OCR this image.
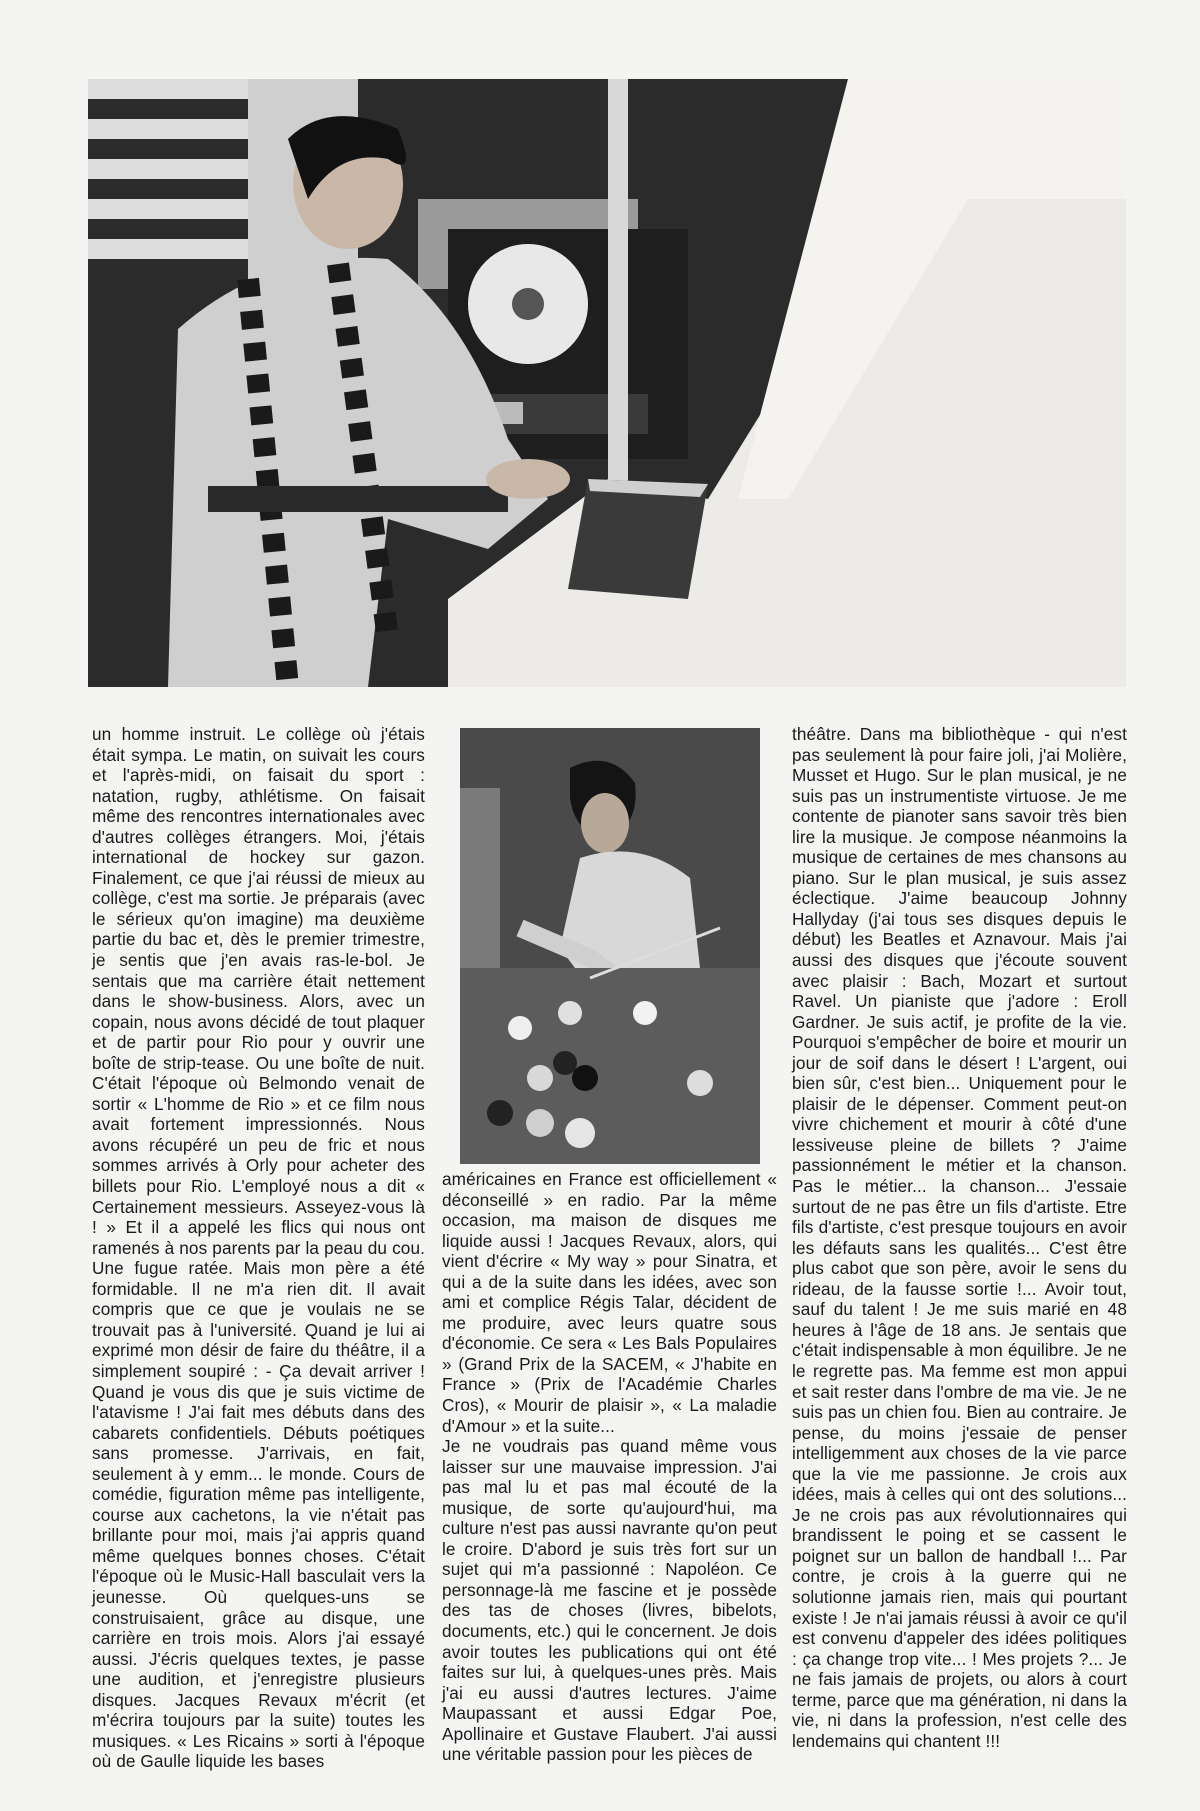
un homme instruit. Le collège où j'étais était sympa. Le matin, on suivait les cours et l'après-midi, on faisait du sport : natation, rugby, athlétisme. On faisait même des rencontres internationales avec d'autres collèges étrangers. Moi, j'étais international de hockey sur gazon. Finalement, ce que j'ai réussi de mieux au collège, c'est ma sortie. Je préparais (avec le sérieux qu'on imagine) ma deuxième partie du bac et, dès le premier trimestre, je sentis que j'en avais ras-le-bol. Je sentais que ma carrière était nettement dans le show-business. Alors, avec un copain, nous avons décidé de tout plaquer et de partir pour Rio pour y ouvrir une boîte de strip-tease. Ou une boîte de nuit. C'était l'époque où Belmondo venait de sortir « L'homme de Rio » et ce film nous avait fortement impressionnés. Nous avons récupéré un peu de fric et nous sommes arrivés à Orly pour acheter des billets pour Rio. L'employé nous a dit « Certainement messieurs. Asseyez-vous là ! » Et il a appelé les flics qui nous ont ramenés à nos parents par la peau du cou. Une fugue ratée. Mais mon père a été formidable. Il ne m'a rien dit. Il avait compris que ce que je voulais ne se trouvait pas à l'université. Quand je lui ai exprimé mon désir de faire du théâtre, il a simplement soupiré : - Ça devait arriver ! Quand je vous dis que je suis victime de l'atavisme ! J'ai fait mes débuts dans des cabarets confidentiels. Débuts poétiques sans promesse. J'arrivais, en fait, seulement à y emm... le monde. Cours de comédie, figuration même pas intelligente, course aux cachetons, la vie n'était pas brillante pour moi, mais j'ai appris quand même quelques bonnes choses. C'était l'époque où le Music-Hall basculait vers la jeunesse. Où quelques-uns se construisaient, grâce au disque, une carrière en trois mois. Alors j'ai essayé aussi. J'écris quelques textes, je passe une audition, et j'enregistre plusieurs disques. Jacques Revaux m'écrit (et m'écrira toujours par la suite) toutes les musiques. « Les Ricains » sorti à l'époque où de Gaulle liquide les bases

américaines en France est officiellement « déconseillé » en radio. Par la même occasion, ma maison de disques me liquide aussi ! Jacques Revaux, alors, qui vient d'écrire « My way » pour Sinatra, et qui a de la suite dans les idées, avec son ami et complice Régis Talar, décident de me produire, avec leurs quatre sous d'économie. Ce sera « Les Bals Populaires » (Grand Prix de la SACEM, « J'habite en France » (Prix de l'Académie Charles Cros), « Mourir de plaisir », « La maladie d'Amour » et la suite...

Je ne voudrais pas quand même vous laisser sur une mauvaise impression. J'ai pas mal lu et pas mal écouté de la musique, de sorte qu'aujourd'hui, ma culture n'est pas aussi navrante qu'on peut le croire. D'abord je suis très fort sur un sujet qui m'a passionné : Napoléon. Ce personnage-là me fascine et je possède des tas de choses (livres, bibelots, documents, etc.) qui le concernent. Je dois avoir toutes les publications qui ont été faites sur lui, à quelques-unes près. Mais j'ai eu aussi d'autres lectures. J'aime Maupassant et aussi Edgar Poe, Apollinaire et Gustave Flaubert. J'ai aussi une véritable passion pour les pièces de

théâtre. Dans ma bibliothèque - qui n'est pas seulement là pour faire joli, j'ai Molière, Musset et Hugo. Sur le plan musical, je ne suis pas un instrumentiste virtuose. Je me contente de pianoter sans savoir très bien lire la musique. Je compose néanmoins la musique de certaines de mes chansons au piano. Sur le plan musical, je suis assez éclectique. J'aime beaucoup Johnny Hallyday (j'ai tous ses disques depuis le début) les Beatles et Aznavour. Mais j'ai aussi des disques que j'écoute souvent avec plaisir : Bach, Mozart et surtout Ravel. Un pianiste que j'adore : Eroll Gardner. Je suis actif, je profite de la vie. Pourquoi s'empêcher de boire et mourir un jour de soif dans le désert ! L'argent, oui bien sûr, c'est bien... Uniquement pour le plaisir de le dépenser. Comment peut-on vivre chichement et mourir à côté d'une lessiveuse pleine de billets ? J'aime passionnément le métier et la chanson. Pas le métier... la chanson... J'essaie surtout de ne pas être un fils d'artiste. Etre fils d'artiste, c'est presque toujours en avoir les défauts sans les qualités... C'est être plus cabot que son père, avoir le sens du rideau, de la fausse sortie !... Avoir tout, sauf du talent ! Je me suis marié en 48 heures à l'âge de 18 ans. Je sentais que c'était indispensable à mon équilibre. Je ne le regrette pas. Ma femme est mon appui et sait rester dans l'ombre de ma vie. Je ne suis pas un chien fou. Bien au contraire. Je pense, du moins j'essaie de penser intelligemment aux choses de la vie parce que la vie me passionne. Je crois aux idées, mais à celles qui ont des solutions... Je ne crois pas aux révolutionnaires qui brandissent le poing et se cassent le poignet sur un ballon de handball !... Par contre, je crois à la guerre qui ne solutionne jamais rien, mais qui pourtant existe ! Je n'ai jamais réussi à avoir ce qu'il est convenu d'appeler des idées politiques : ça change trop vite... ! Mes projets ?... Je ne fais jamais de projets, ou alors à court terme, parce que ma génération, ni dans la vie, ni dans la profession, n'est celle des lendemains qui chantent !!!
